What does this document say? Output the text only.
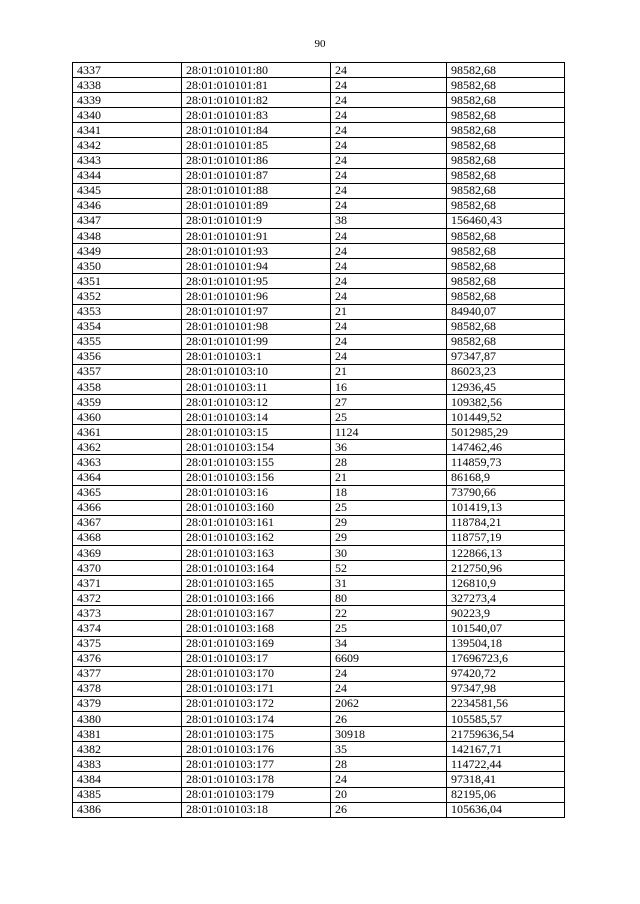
90
4337	28:01:010101:80	24	98582,68
4338	28:01:010101:81	24	98582,68
4339	28:01:010101:82	24	98582,68
4340	28:01:010101:83	24	98582,68
4341	28:01:010101:84	24	98582,68
4342	28:01:010101:85	24	98582,68
4343	28:01:010101:86	24	98582,68
4344	28:01:010101:87	24	98582,68
4345	28:01:010101:88	24	98582,68
4346	28:01:010101:89	24	98582,68
4347	28:01:010101:9	38	156460,43
4348	28:01:010101:91	24	98582,68
4349	28:01:010101:93	24	98582,68
4350	28:01:010101:94	24	98582,68
4351	28:01:010101:95	24	98582,68
4352	28:01:010101:96	24	98582,68
4353	28:01:010101:97	21	84940,07
4354	28:01:010101:98	24	98582,68
4355	28:01:010101:99	24	98582,68
4356	28:01:010103:1	24	97347,87
4357	28:01:010103:10	21	86023,23
4358	28:01:010103:11	16	12936,45
4359	28:01:010103:12	27	109382,56
4360	28:01:010103:14	25	101449,52
4361	28:01:010103:15	1124	5012985,29
4362	28:01:010103:154	36	147462,46
4363	28:01:010103:155	28	114859,73
4364	28:01:010103:156	21	86168,9
4365	28:01:010103:16	18	73790,66
4366	28:01:010103:160	25	101419,13
4367	28:01:010103:161	29	118784,21
4368	28:01:010103:162	29	118757,19
4369	28:01:010103:163	30	122866,13
4370	28:01:010103:164	52	212750,96
4371	28:01:010103:165	31	126810,9
4372	28:01:010103:166	80	327273,4
4373	28:01:010103:167	22	90223,9
4374	28:01:010103:168	25	101540,07
4375	28:01:010103:169	34	139504,18
4376	28:01:010103:17	6609	17696723,6
4377	28:01:010103:170	24	97420,72
4378	28:01:010103:171	24	97347,98
4379	28:01:010103:172	2062	2234581,56
4380	28:01:010103:174	26	105585,57
4381	28:01:010103:175	30918	21759636,54
4382	28:01:010103:176	35	142167,71
4383	28:01:010103:177	28	114722,44
4384	28:01:010103:178	24	97318,41
4385	28:01:010103:179	20	82195,06
4386	28:01:010103:18	26	105636,04
